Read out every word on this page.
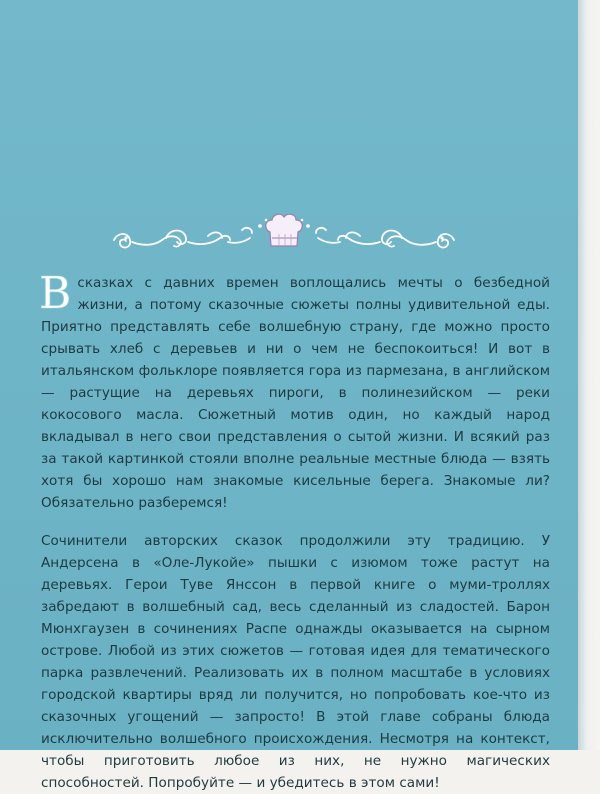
Всказках с давних времен воплощались мечты о безбедной жизни, а потому сказочные сюжеты полны удивительной еды. Приятно представлять себе волшебную страну, где можно просто срывать хлеб с деревьев и ни о чем не беспокоиться! И вот в итальянском фольклоре появляется гора из пармезана, в английском — растущие на деревьях пироги, в полинезийском — реки кокосового масла. Сюжетный мотив один, но каждый народ вкладывал в него свои представления о сытой жизни. И всякий раз за такой картинкой стояли вполне реальные местные блюда — взять хотя бы хорошо нам знакомые кисельные берега. Знакомые ли? Обязательно разберемся!

Сочинители авторских сказок продолжили эту традицию. У Андерсена в «Оле-Лукойе» пышки с изюмом тоже растут на деревьях. Герои Туве Янссон в первой книге о муми-троллях забредают в волшебный сад, весь сделанный из сладостей. Барон Мюнхгаузен в сочинениях Распе однажды оказывается на сырном острове. Любой из этих сюжетов — готовая идея для тематического парка развлечений. Реализовать их в полном масштабе в условиях городской квартиры вряд ли получится, но попробовать кое-что из сказочных угощений — запросто! В этой главе собраны блюда исключительно волшебного происхождения. Несмотря на контекст, чтобы приготовить любое из них, не нужно магических способностей. Попробуйте — и убедитесь в этом сами!
